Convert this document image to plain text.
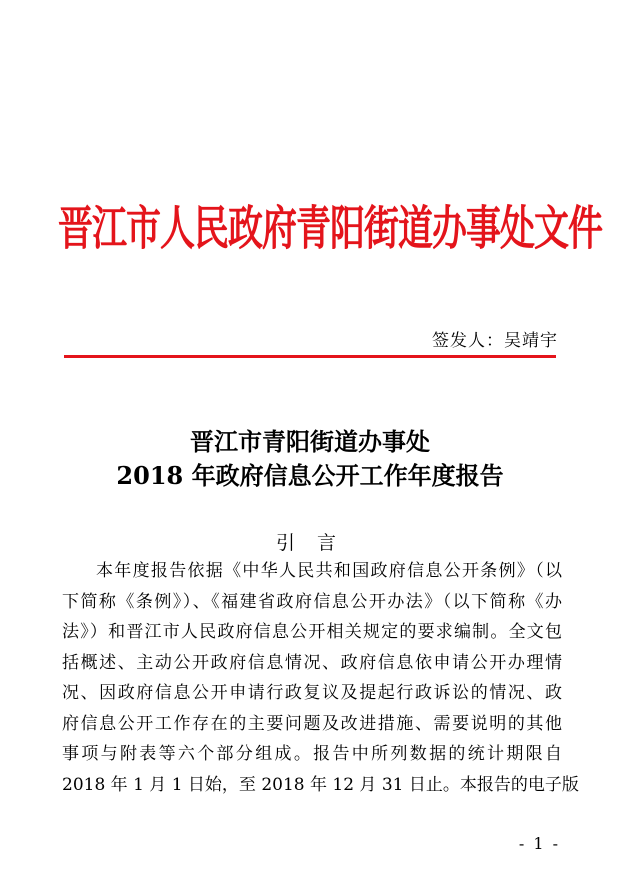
晋江市人民政府青阳街道办事处文件
签发人：吴靖宇
晋江市青阳街道办事处
2018 年政府信息公开工作年度报告
引 言
本年度报告依据《中华人民共和国政府信息公开条例》（以
下简称《条例》）、《福建省政府信息公开办法》（以下简称《办
法》）和晋江市人民政府信息公开相关规定的要求编制。全文包
括概述、主动公开政府信息情况、政府信息依申请公开办理情
况、因政府信息公开申请行政复议及提起行政诉讼的情况、政
府信息公开工作存在的主要问题及改进措施、需要说明的其他
事项与附表等六个部分组成。报告中所列数据的统计期限自
2018 年 1 月 1 日始，至 2018 年 12 月 31 日止。本报告的电子版
- 1 -
